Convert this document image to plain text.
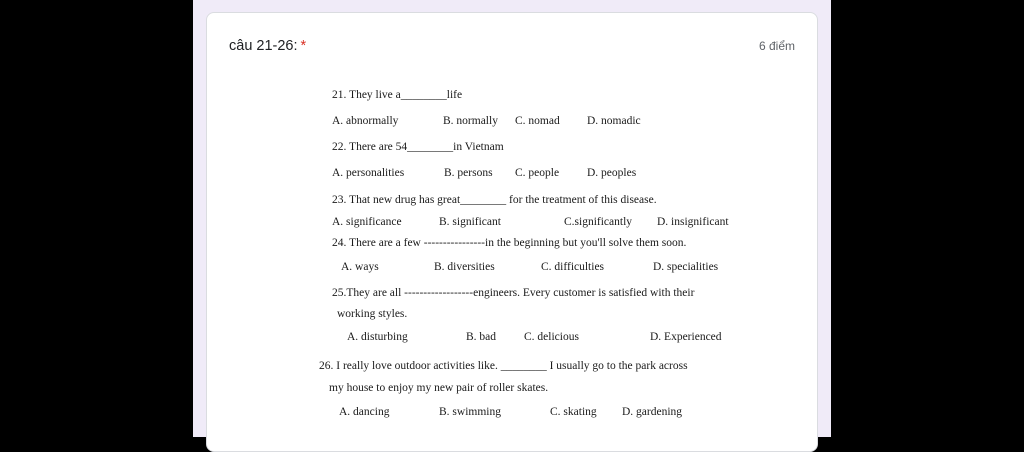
câu 21-26: *	6 điểm
21. They live a________life
A. abnormally	B. normally C. nomad D. nomadic
22. There are 54________in Vietnam
A. personalities	B. persons C. people D. peoples
23. That new drug has great________ for the treatment of this disease.
A. significance	B. significant	C.significantly D. insignificant
24. There are a few ----------------in the beginning but you'll solve them soon.
A. ways	B. diversities	C. difficulties	D. specialities
25.They are all ------------------engineers. Every customer is satisfied with their
working styles.
A. disturbing	B. bad C. delicious	D. Experienced
26. I really love outdoor activities like. ________ I usually go to the park across
my house to enjoy my new pair of roller skates.
A. dancing	B. swimming	C. skating D. gardening
